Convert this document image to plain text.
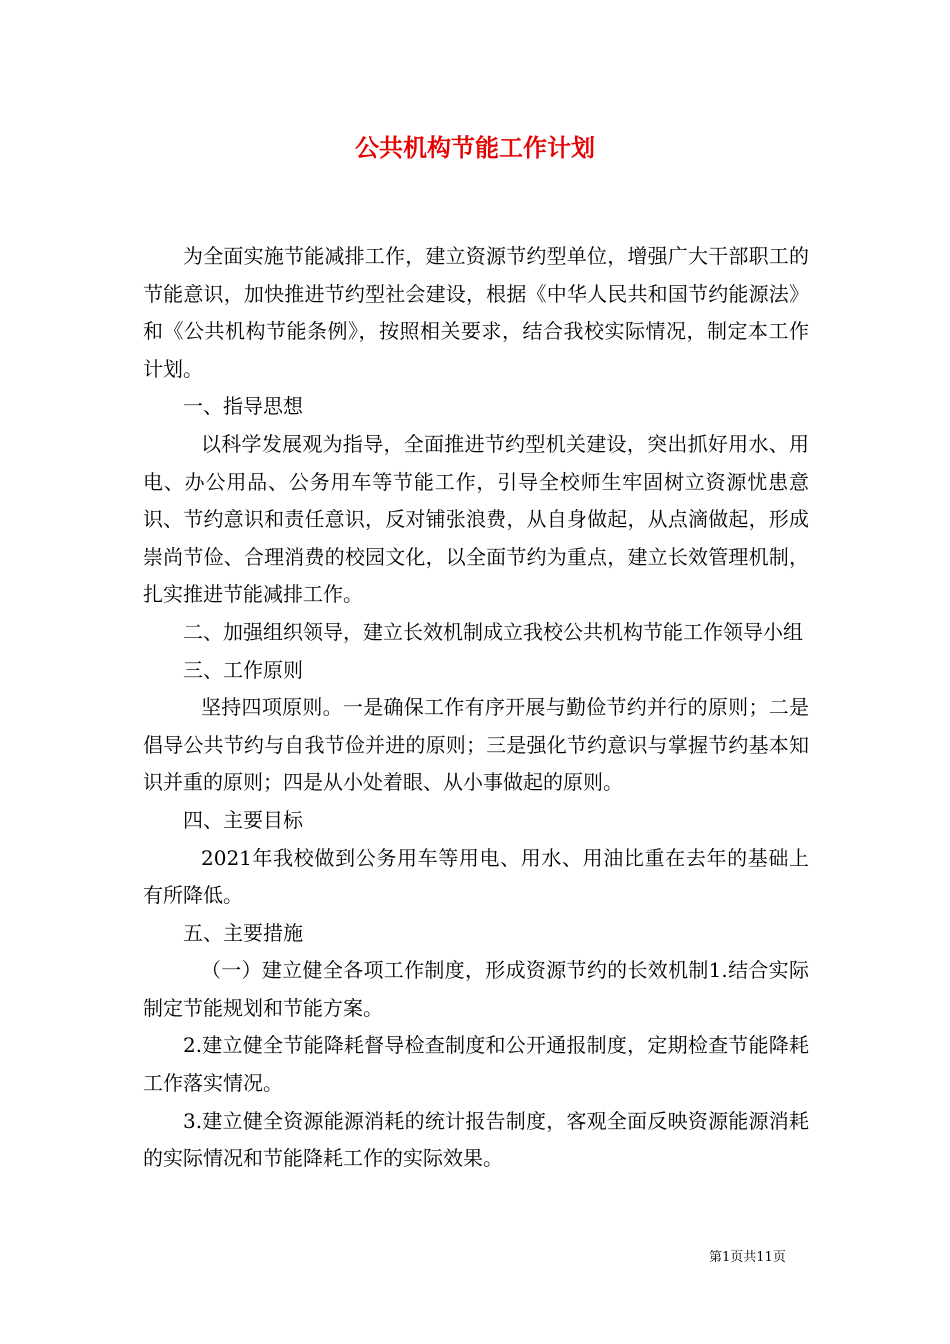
公共机构节能工作计划

为全面实施节能减排工作，建立资源节约型单位，增强广大干部职工的节能意识，加快推进节约型社会建设，根据《中华人民共和国节约能源法》和《公共机构节能条例》，按照相关要求，结合我校实际情况，制定本工作计划。

一、指导思想

以科学发展观为指导，全面推进节约型机关建设，突出抓好用水、用电、办公用品、公务用车等节能工作，引导全校师生牢固树立资源忧患意识、节约意识和责任意识，反对铺张浪费，从自身做起，从点滴做起，形成崇尚节俭、合理消费的校园文化，以全面节约为重点，建立长效管理机制，扎实推进节能减排工作。

二、加强组织领导，建立长效机制成立我校公共机构节能工作领导小组

三、工作原则

坚持四项原则。一是确保工作有序开展与勤俭节约并行的原则；二是倡导公共节约与自我节俭并进的原则；三是强化节约意识与掌握节约基本知识并重的原则；四是从小处着眼、从小事做起的原则。

四、主要目标

2021年我校做到公务用车等用电、用水、用油比重在去年的基础上有所降低。

五、主要措施

（一）建立健全各项工作制度，形成资源节约的长效机制1.结合实际制定节能规划和节能方案。

2.建立健全节能降耗督导检查制度和公开通报制度，定期检查节能降耗工作落实情况。

3.建立健全资源能源消耗的统计报告制度，客观全面反映资源能源消耗的实际情况和节能降耗工作的实际效果。

第1页共11页
